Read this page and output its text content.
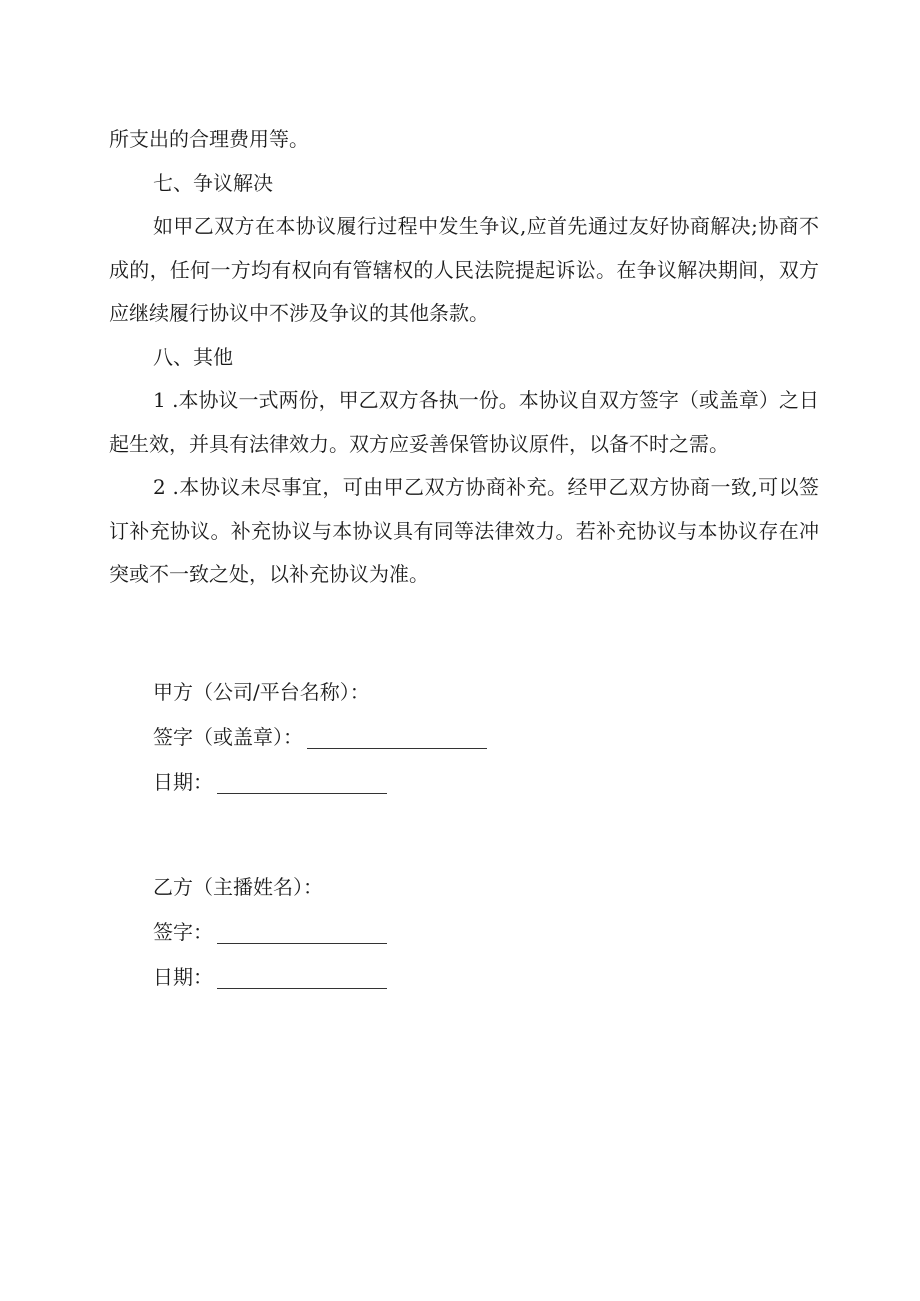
所支出的合理费用等。

七、争议解决

如甲乙双方在本协议履行过程中发生争议,应首先通过友好协商解决;协商不成的，任何一方均有权向有管辖权的人民法院提起诉讼。在争议解决期间，双方应继续履行协议中不涉及争议的其他条款。

八、其他

1 .本协议一式两份，甲乙双方各执一份。本协议自双方签字（或盖章）之日起生效，并具有法律效力。双方应妥善保管协议原件，以备不时之需。

2 .本协议未尽事宜，可由甲乙双方协商补充。经甲乙双方协商一致,可以签订补充协议。补充协议与本协议具有同等法律效力。若补充协议与本协议存在冲突或不一致之处，以补充协议为准。

甲方（公司/平台名称）：
签字（或盖章）：
日期：
乙方（主播姓名）：
签字：
日期：
